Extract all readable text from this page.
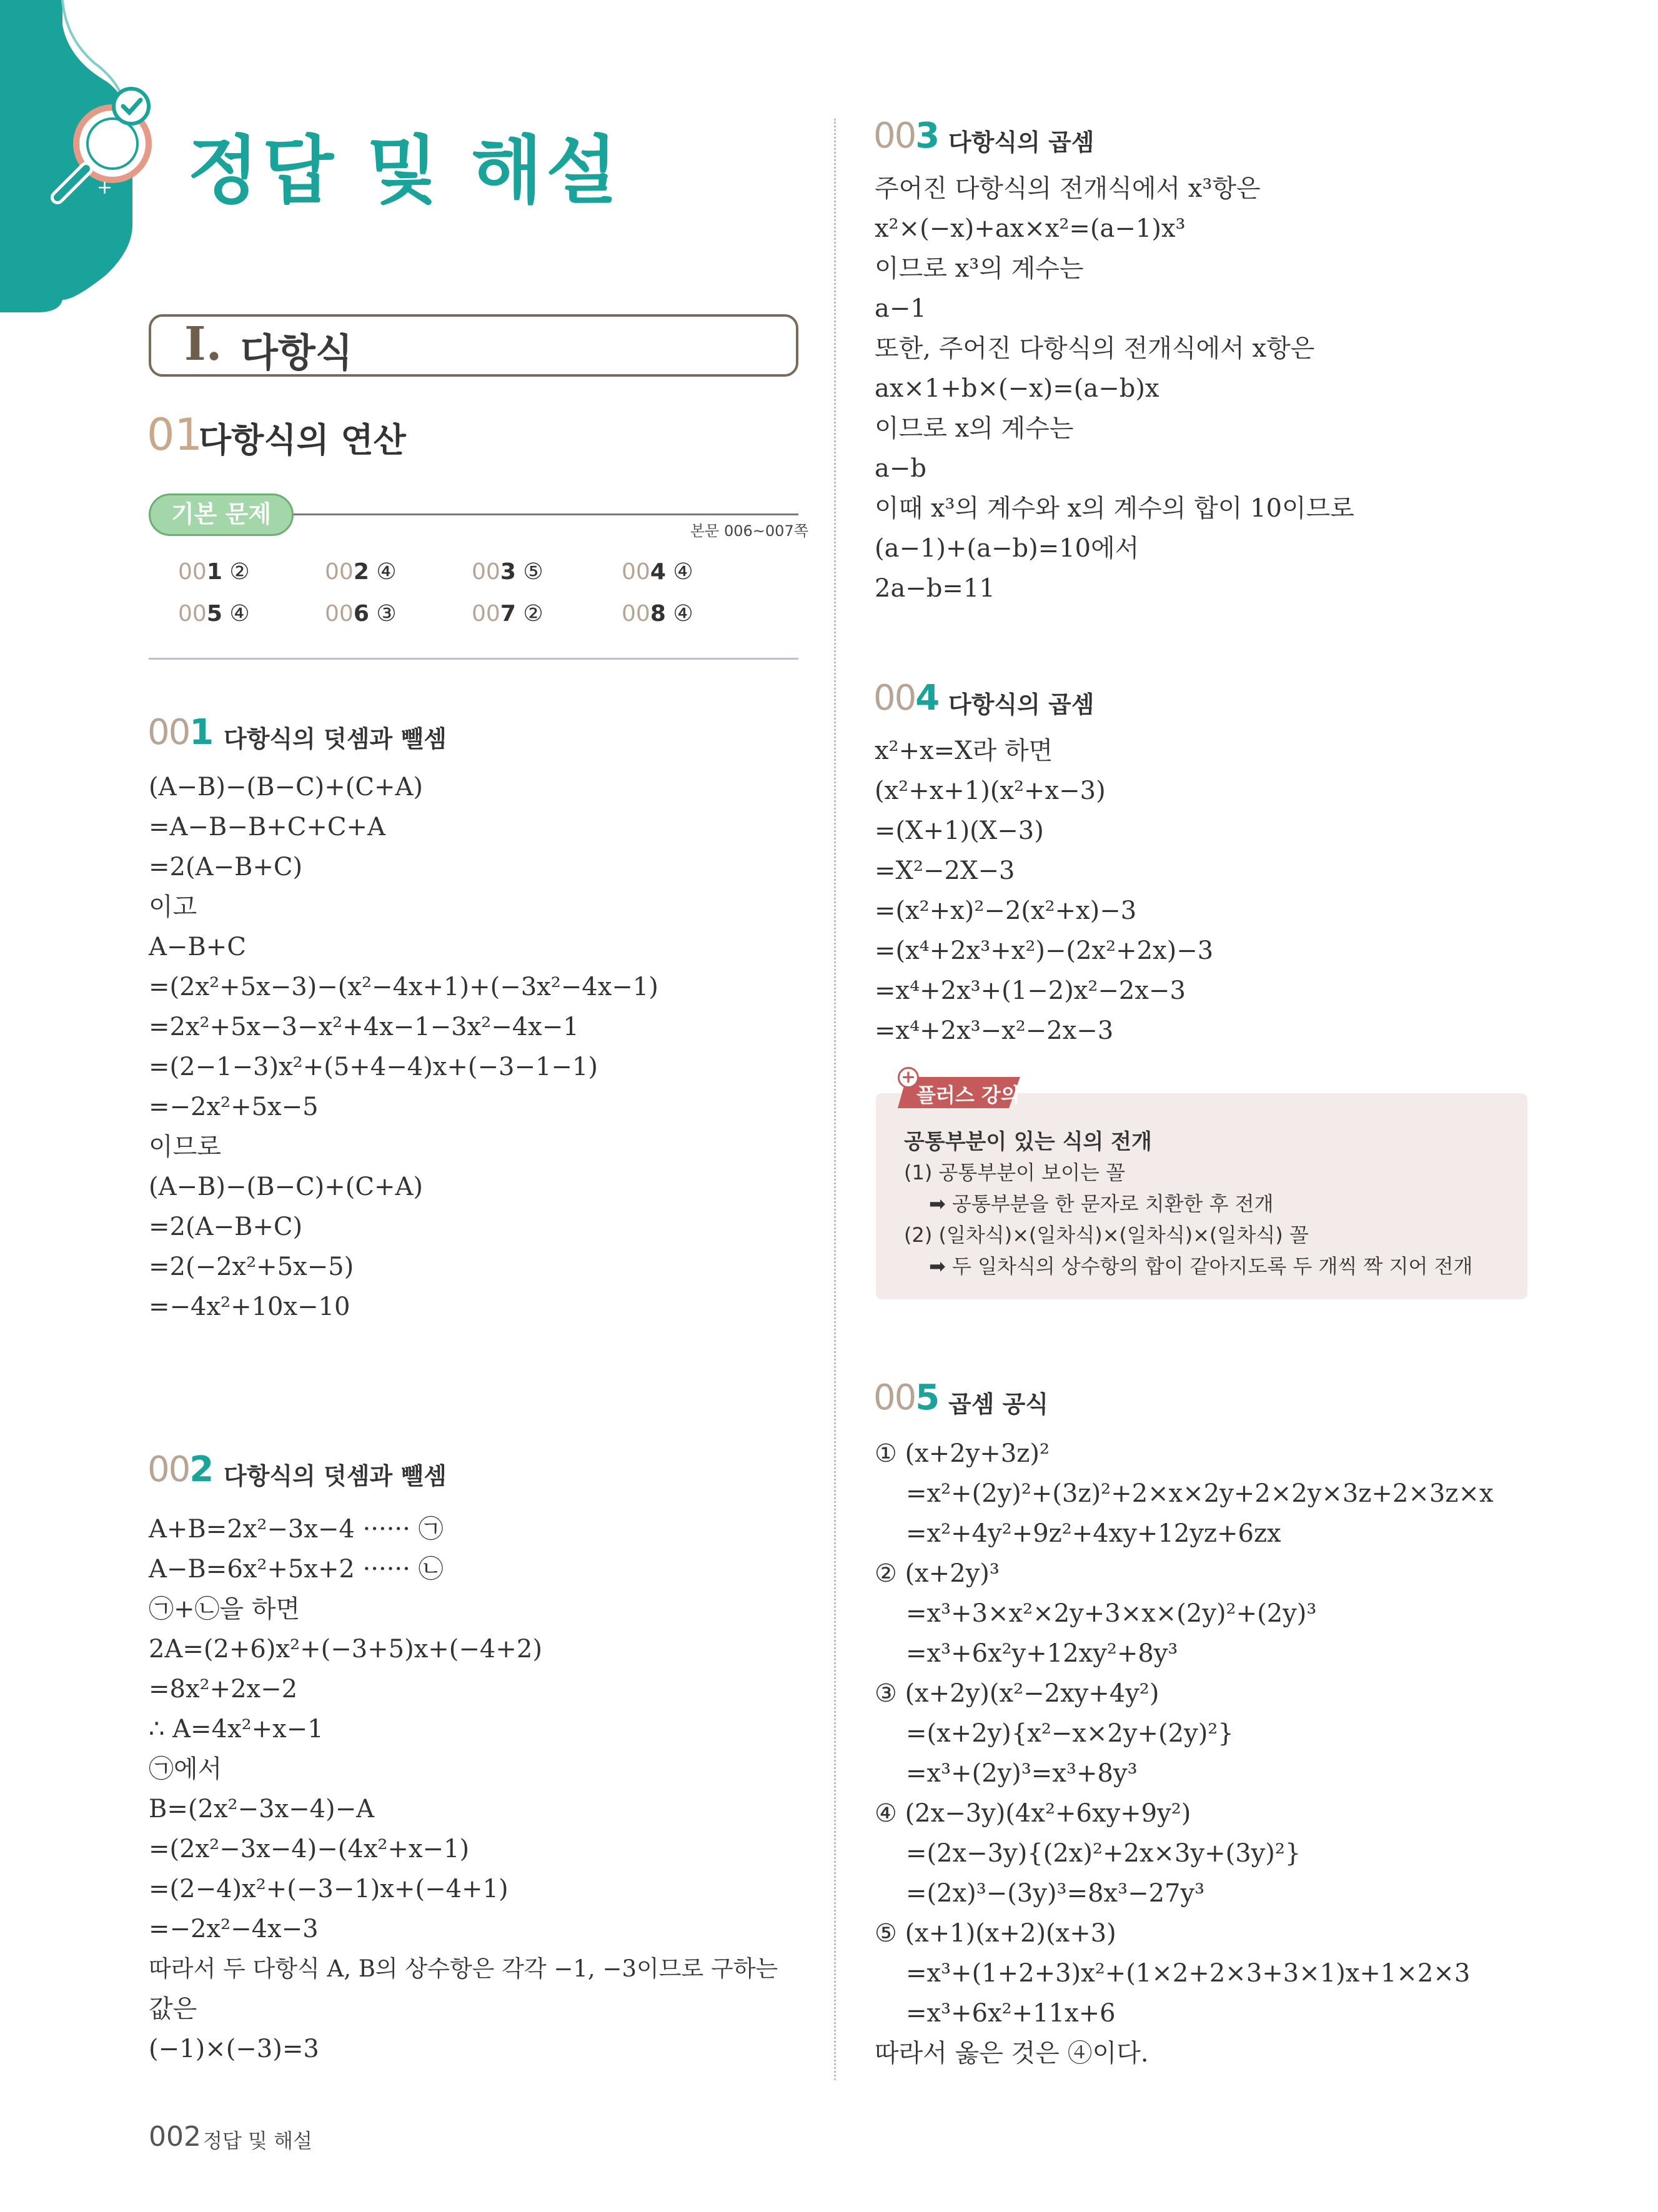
+ 정답 및 해설
I. 다항식
01
다항식의 연산
기본 문제
본문 006~007쪽
001 ②	002 ④	003 ⑤	004 ④
005 ④	006 ③	007 ②	008 ④
001 다항식의 덧셈과 뺄셈
(A−B)−(B−C)+(C+A)
=A−B−B+C+C+A
=2(A−B+C)
이고
A−B+C
=(2x²+5x−3)−(x²−4x+1)+(−3x²−4x−1)
=2x²+5x−3−x²+4x−1−3x²−4x−1
=(2−1−3)x²+(5+4−4)x+(−3−1−1)
=−2x²+5x−5
이므로
(A−B)−(B−C)+(C+A)
=2(A−B+C)
=2(−2x²+5x−5)
=−4x²+10x−10
002 다항식의 덧셈과 뺄셈
A+B=2x²−3x−4 ······ ㉠
A−B=6x²+5x+2 ······ ㉡
㉠+㉡을 하면
2A=(2+6)x²+(−3+5)x+(−4+2)
=8x²+2x−2
∴ A=4x²+x−1
㉠에서
B=(2x²−3x−4)−A
=(2x²−3x−4)−(4x²+x−1)
=(2−4)x²+(−3−1)x+(−4+1)
=−2x²−4x−3
따라서 두 다항식 A, B의 상수항은 각각 −1, −3이므로 구하는
값은
(−1)×(−3)=3
003 다항식의 곱셈
주어진 다항식의 전개식에서 x³항은
x²×(−x)+ax×x²=(a−1)x³
이므로 x³의 계수는
a−1
또한, 주어진 다항식의 전개식에서 x항은
ax×1+b×(−x)=(a−b)x
이므로 x의 계수는
a−b
이때 x³의 계수와 x의 계수의 합이 10이므로
(a−1)+(a−b)=10에서
2a−b=11
004 다항식의 곱셈
x²+x=X라 하면
(x²+x+1)(x²+x−3)
=(X+1)(X−3)
=X²−2X−3
=(x²+x)²−2(x²+x)−3
=(x⁴+2x³+x²)−(2x²+2x)−3
=x⁴+2x³+(1−2)x²−2x−3
=x⁴+2x³−x²−2x−3
+
플러스 강의
공통부분이 있는 식의 전개
(1) 공통부분이 보이는 꼴
➡ 공통부분을 한 문자로 치환한 후 전개
(2) (일차식)×(일차식)×(일차식)×(일차식) 꼴
➡ 두 일차식의 상수항의 합이 같아지도록 두 개씩 짝 지어 전개
005 곱셈 공식
① (x+2y+3z)²
=x²+(2y)²+(3z)²+2×x×2y+2×2y×3z+2×3z×x
=x²+4y²+9z²+4xy+12yz+6zx
② (x+2y)³
=x³+3×x²×2y+3×x×(2y)²+(2y)³
=x³+6x²y+12xy²+8y³
③ (x+2y)(x²−2xy+4y²)
=(x+2y){x²−x×2y+(2y)²}
=x³+(2y)³=x³+8y³
④ (2x−3y)(4x²+6xy+9y²)
=(2x−3y){(2x)²+2x×3y+(3y)²}
=(2x)³−(3y)³=8x³−27y³
⑤ (x+1)(x+2)(x+3)
=x³+(1+2+3)x²+(1×2+2×3+3×1)x+1×2×3
=x³+6x²+11x+6
따라서 옳은 것은 ④이다.
002 정답 및 해설
